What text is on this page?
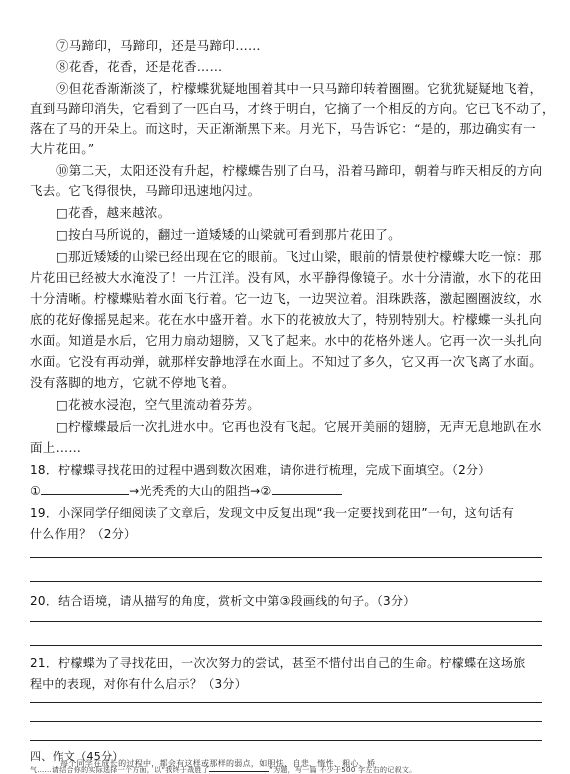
⑦马蹄印，马蹄印，还是马蹄印……
⑧花香，花香，还是花香……
⑨但花香渐渐淡了，柠檬蝶犹疑地围着其中一只马蹄印转着圈圈。它犹犹疑疑地飞着，
直到马蹄印消失，它看到了一匹白马，才终于明白，它摘了一个相反的方向。它已飞不动了，
落在了马的开朵上。而这时，天正渐渐黑下来。月光下，马告诉它：“是的，那边确实有一
大片花田。”
⑩第二天，太阳还没有升起，柠檬蝶告别了白马，沿着马蹄印，朝着与昨天相反的方向
飞去。它飞得很快，马蹄印迅速地闪过。
□花香，越来越浓。
□按白马所说的，翻过一道矮矮的山梁就可看到那片花田了。
□那近矮矮的山梁已经出现在它的眼前。飞过山梁，眼前的情景使柠檬蝶大吃一惊：那
片花田已经被大水淹没了！一片江洋。没有风，水平静得像镜子。水十分清澈，水下的花田
十分清晰。柠檬蝶贴着水面飞行着。它一边飞，一边哭泣着。泪珠跌落，激起圈圈波纹，水
底的花好像摇晃起来。花在水中盛开着。水下的花被放大了，特别特别大。柠檬蝶一头扎向
水面。知道是水后，它用力扇动翅膀，又飞了起来。水中的花格外迷人。它再一次一头扎向
水面。它没有再动弹，就那样安静地浮在水面上。不知过了多久，它又再一次飞离了水面。
没有落脚的地方，它就不停地飞着。
□花被水浸泡，空气里流动着芬芳。
□柠檬蝶最后一次扎进水中。它再也没有飞起。它展开美丽的翅膀，无声无息地趴在水
面上……
18．柠檬蝶寻找花田的过程中遇到数次困难，请你进行梳理，完成下面填空。（2分）
①	→光秃秃的大山的阻挡→②
19．小深同学仔细阅读了文章后，发现文中反复出现“我一定要找到花田”一句，这句话有
什么作用？（2分）
20．结合语境，请从描写的角度，赏析文中第③段画线的句子。（3分）
21．柠檬蝶为了寻找花田，一次次努力的尝试，甚至不惜付出自己的生命。柠檬蝶在这场旅
程中的表现，对你有什么启示？（3分）
四、作文（45分）
每个同学在成长的过程中，都会有这样或那样的弱点，如胆怯、自悲、惰性、粗心、娇
气……请结合你的实际选择一个方面，以“我终于战胜了	”为题，写一篇 不少于500 字左右的记叙文。
